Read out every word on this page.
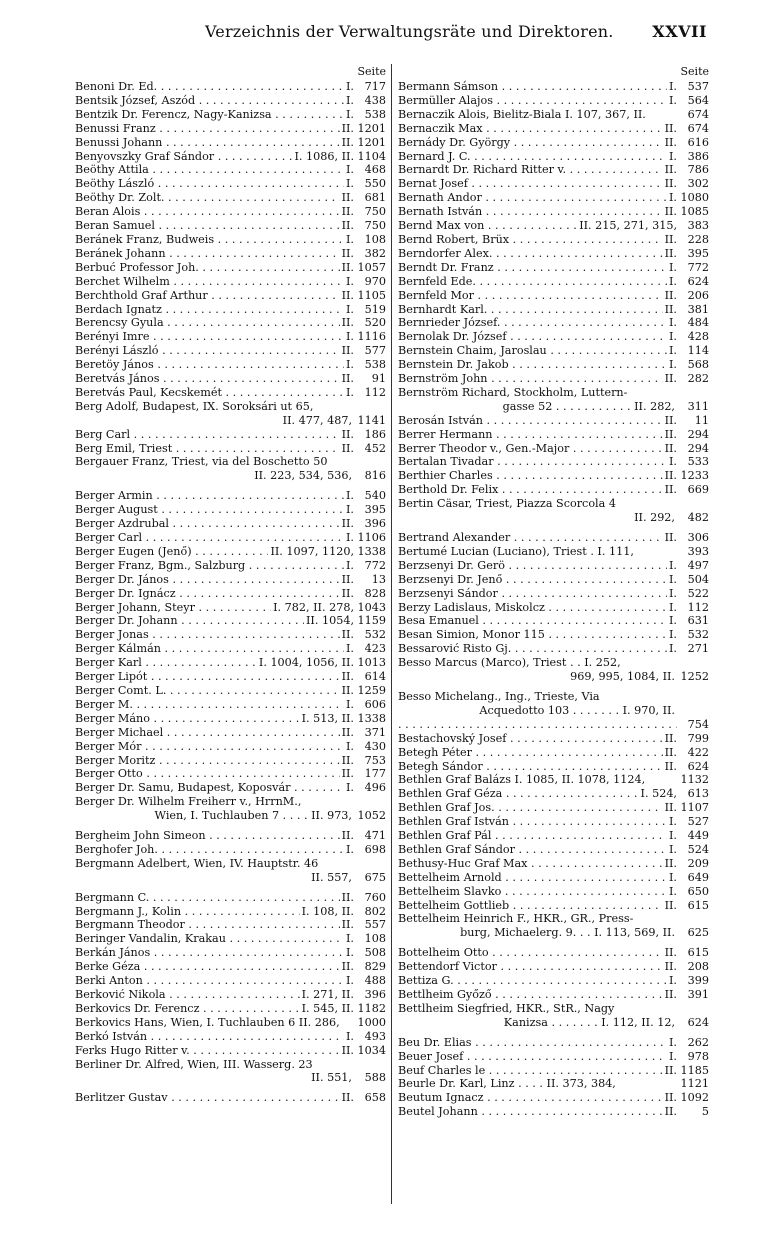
Verzeichnis der Verwaltungsräte und Direktoren. XXVII
Seite
Benoni Dr. Ed. . . .	I. 717
Bentsik József, Aszód . . .	I. 438
Bentzik Dr. Ferencz, Nagy-Kanizsa . . .	I. 538
Benussi Franz . . .	II. 1201
Benussi Johann . . .	II. 1201
Benyovszky Graf Sándor . . .	I. 1086, II. 1104
Beöthy Attila . . .	I. 468
Beöthy László . . .	I. 550
Beöthy Dr. Zolt. . . .	II. 681
Beran Alois . . .	II. 750
Beran Samuel . . .	II. 750
Beránek Franz, Budweis . . .	I. 108
Beránek Johann . . .	II. 382
Berbuć Professor Joh. . . .	II. 1057
Berchet Wilhelm . . .	I. 970
Berchthold Graf Arthur . . .	II. 1105
Berdach Ignatz . . .	I. 519
Berencsy Gyula . . .	II. 520
Berényi Imre . . .	I. 1116
Berényi László . . .	II. 577
Beretöy János . . .	I. 538
Beretvás János . . .	II.	91
Beretvás Paul, Kecskemét . . .	I. 112
Berg Adolf, Budapest, IX. Soroksári ut 65,
II. 477, 487, 1141
Berg Carl . . .	II. 186
Berg Emil, Triest . . .	II. 452
Bergauer Franz, Triest, via del Boschetto 50
II. 223, 534, 536,	816
Berger Armin . . .	I. 540
Berger August . . .	I. 395
Berger Azdrubal . . .	II. 396
Berger Carl . . .	I. 1106
Berger Eugen (Jenő) . . .	II. 1097, 1120, 1338
Berger Franz, Bgm., Salzburg . . .	I. 772
Berger Dr. János . . .	II.	13
Berger Dr. Ignácz . . .	II. 828
Berger Johann, Steyr . . .	I. 782, II. 278, 1043
Berger Dr. Johann . . .	II. 1054, 1159
Berger Jonas . . .	II. 532
Berger Kálmán . . .	I. 423
Berger Karl . . .	I. 1004, 1056, II. 1013
Berger Lipót . . .	II. 614
Berger Comt. L. . . .	II. 1259
Berger M. . . .	I. 606
Berger Máno . . .	I. 513, II. 1338
Berger Michael . . .	II. 371
Berger Mór . . .	I. 430
Berger Moritz . . .	II. 753
Berger Otto . . .	II. 177
Berger Dr. Samu, Budapest, Koposvár . . .	I. 496
Berger Dr. Wilhelm Freiherr v., HrrnM.,
Wien, I. Tuchlauben 7 . . . . II. 973, 1052
Bergheim John Simeon . . .	II. 471
Berghofer Joh. . . .	I. 698
Bergmann Adelbert, Wien, IV. Hauptstr. 46
II. 557,	675
Bergmann C. . . .	II. 760
Bergmann J., Kolin . . .	I. 108, II. 802
Bergmann Theodor . . .	II. 557
Beringer Vandalin, Krakau . . .	I. 108
Berkán János . . .	I. 508
Berke Géza . . .	II. 829
Berki Anton . . .	I. 488
Berković Nikola . . .	I. 271, II. 396
Berkovics Dr. Ferencz . . .	I. 545, II. 1182
Berkovics Hans, Wien, I. Tuchlauben 6 II. 286,	1000
Berkó István . . .	I. 493
Ferks Hugo Ritter v. . . .	II. 1034
Berliner Dr. Alfred, Wien, III. Wasserg. 23
II. 551,	588
Berlitzer Gustav . . .	II. 658
Seite
Bermann Sámson . . .	I. 537
Bermüller Alajos . . .	I. 564
Bernaczik Alois, Bielitz-Biala I. 107, 367, II.	674
Bernaczik Max . . .	II. 674
Bernády Dr. György . . .	II. 616
Bernard J. C. . . .	I. 386
Bernardt Dr. Richard Ritter v. . . .	II. 786
Bernat Josef . . .	II. 302
Bernath Andor . . .	I. 1080
Bernath István . . .	II. 1085
Bernd Max von . . .	II. 215, 271, 315, 383
Bernd Robert, Brüx . . .	II. 228
Berndorfer Alex. . . .	II. 395
Berndt Dr. Franz . . .	I. 772
Bernfeld Ede. . . .	I. 624
Bernfeld Mor . . .	II. 206
Bernhardt Karl. . . .	II. 381
Bernrieder József. . . .	I. 484
Bernolak Dr. József . . .	I. 428
Bernstein Chaim, Jaroslau . . .	I. 114
Bernstein Dr. Jakob . . .	I. 568
Bernström John . . .	II. 282
Bernström Richard, Stockholm, Luttern-
gasse 52 . . . . . . . . . . . II. 282,	311
Berosán István . . .	II.	11
Berrer Hermann . . .	II. 294
Berrer Theodor v., Gen.-Major . . .	II. 294
Bertalan Tivadar . . .	I. 533
Berthier Charles . . .	II. 1233
Berthold Dr. Felix . . .	II. 669
Bertin Cäsar, Triest, Piazza Scorcola 4
II. 292,	482
Bertrand Alexander . . .	II. 306
Bertumé Lucian (Luciano), Triest . I. 111,	393
Berzsenyi Dr. Gerö . . .	I. 497
Berzsenyi Dr. Jenő . . .	I. 504
Berzsenyi Sándor . . .	I. 522
Berzy Ladislaus, Miskolcz . . .	I. 112
Besa Emanuel . . .	I. 631
Besan Simion, Monor 115 . . .	I. 532
Bessarović Risto Gj. . . .	I. 271
Besso Marcus (Marco), Triest . . I. 252,
969, 995, 1084, II. 1252
Besso Michelang., Ing., Trieste, Via
Acquedotto 103 . . . . . . . I. 970, II.
. . .
754
Bestachovský Josef . . .	II. 799
Betegh Péter . . .	II. 422
Betegh Sándor . . .	II. 624
Bethlen Graf Balázs I. 1085, II. 1078, 1124,	1132
Bethlen Graf Géza . . .	I. 524, 613
Bethlen Graf Jos. . . .	II. 1107
Bethlen Graf István . . .	I. 527
Bethlen Graf Pál . . .	I. 449
Bethlen Graf Sándor . . .	I. 524
Bethusy-Huc Graf Max . . .	II. 209
Bettelheim Arnold . . .	I. 649
Bettelheim Slavko . . .	I. 650
Bettelheim Gottlieb . . .	II. 615
Bettelheim Heinrich F., HKR., GR., Press-
burg, Michaelerg. 9. . . I. 113, 569, II.	625
Bottelheim Otto . . .	II. 615
Bettendorf Victor . . .	II. 208
Bettiza G. . . .	I. 399
Bettlheim Győző . . .	II. 391
Bettlheim Siegfried, HKR., StR., Nagy
Kanizsa . . . . . . . I. 112, II. 12,	624
Beu Dr. Elias . . .	I. 262
Beuer Josef . . .	I. 978
Beuf Charles le . . .	II. 1185
Beurle Dr. Karl, Linz . . . . II. 373, 384,	1121
Beutum Ignacz . . .	II. 1092
Beutel Johann . . .	II.	5
